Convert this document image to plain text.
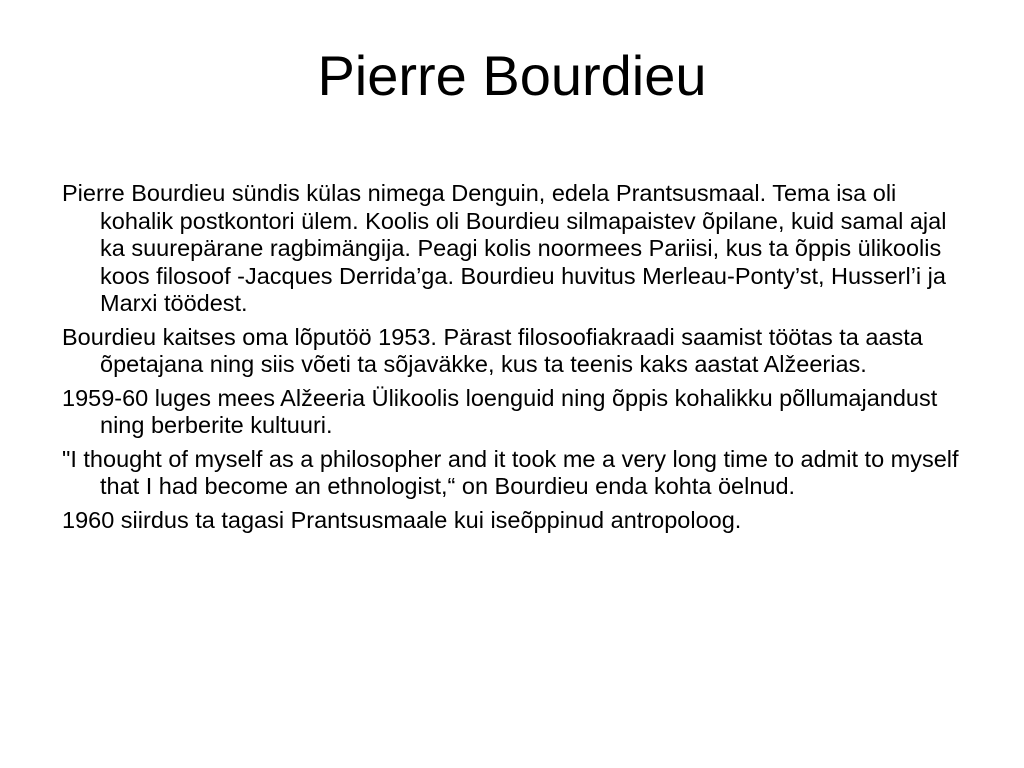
Pierre Bourdieu
Pierre Bourdieu sündis külas nimega Denguin, edela Prantsusmaal. Tema isa oli kohalik postkontori ülem. Koolis oli Bourdieu silmapaistev õpilane, kuid samal ajal ka suurepärane ragbimängija. Peagi kolis noormees Pariisi, kus ta õppis ülikoolis koos filosoof -Jacques Derrida’ga. Bourdieu huvitus Merleau-Ponty’st, Husserl’i ja Marxi töödest.
Bourdieu kaitses oma lõputöö 1953. Pärast filosoofiakraadi saamist töötas ta aasta õpetajana ning siis võeti ta sõjaväkke, kus ta teenis kaks aastat Alžeerias.
1959-60 luges mees Alžeeria Ülikoolis loenguid ning õppis kohalikku põllumajandust ning berberite kultuuri.
"I thought of myself as a philosopher and it took me a very long time to admit to myself that I had become an ethnologist,“ on Bourdieu enda kohta öelnud.
1960 siirdus ta tagasi Prantsusmaale kui iseõppinud antropoloog.
